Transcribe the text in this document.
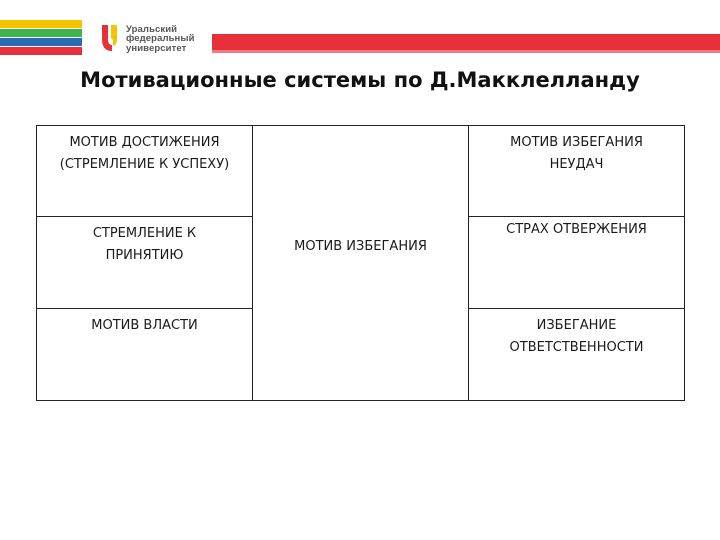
Уральский
федеральный
университет
Мотивационные системы по Д.Макклелланду
МОТИВ ДОСТИЖЕНИЯ
(СТРЕМЛЕНИЕ К УСПЕХУ)
СТРЕМЛЕНИЕ К
ПРИНЯТИЮ
МОТИВ ВЛАСТИ
МОТИВ ИЗБЕГАНИЯ
МОТИВ ИЗБЕГАНИЯ
НЕУДАЧ
СТРАХ ОТВЕРЖЕНИЯ
ИЗБЕГАНИЕ
ОТВЕТСТВЕННОСТИ
